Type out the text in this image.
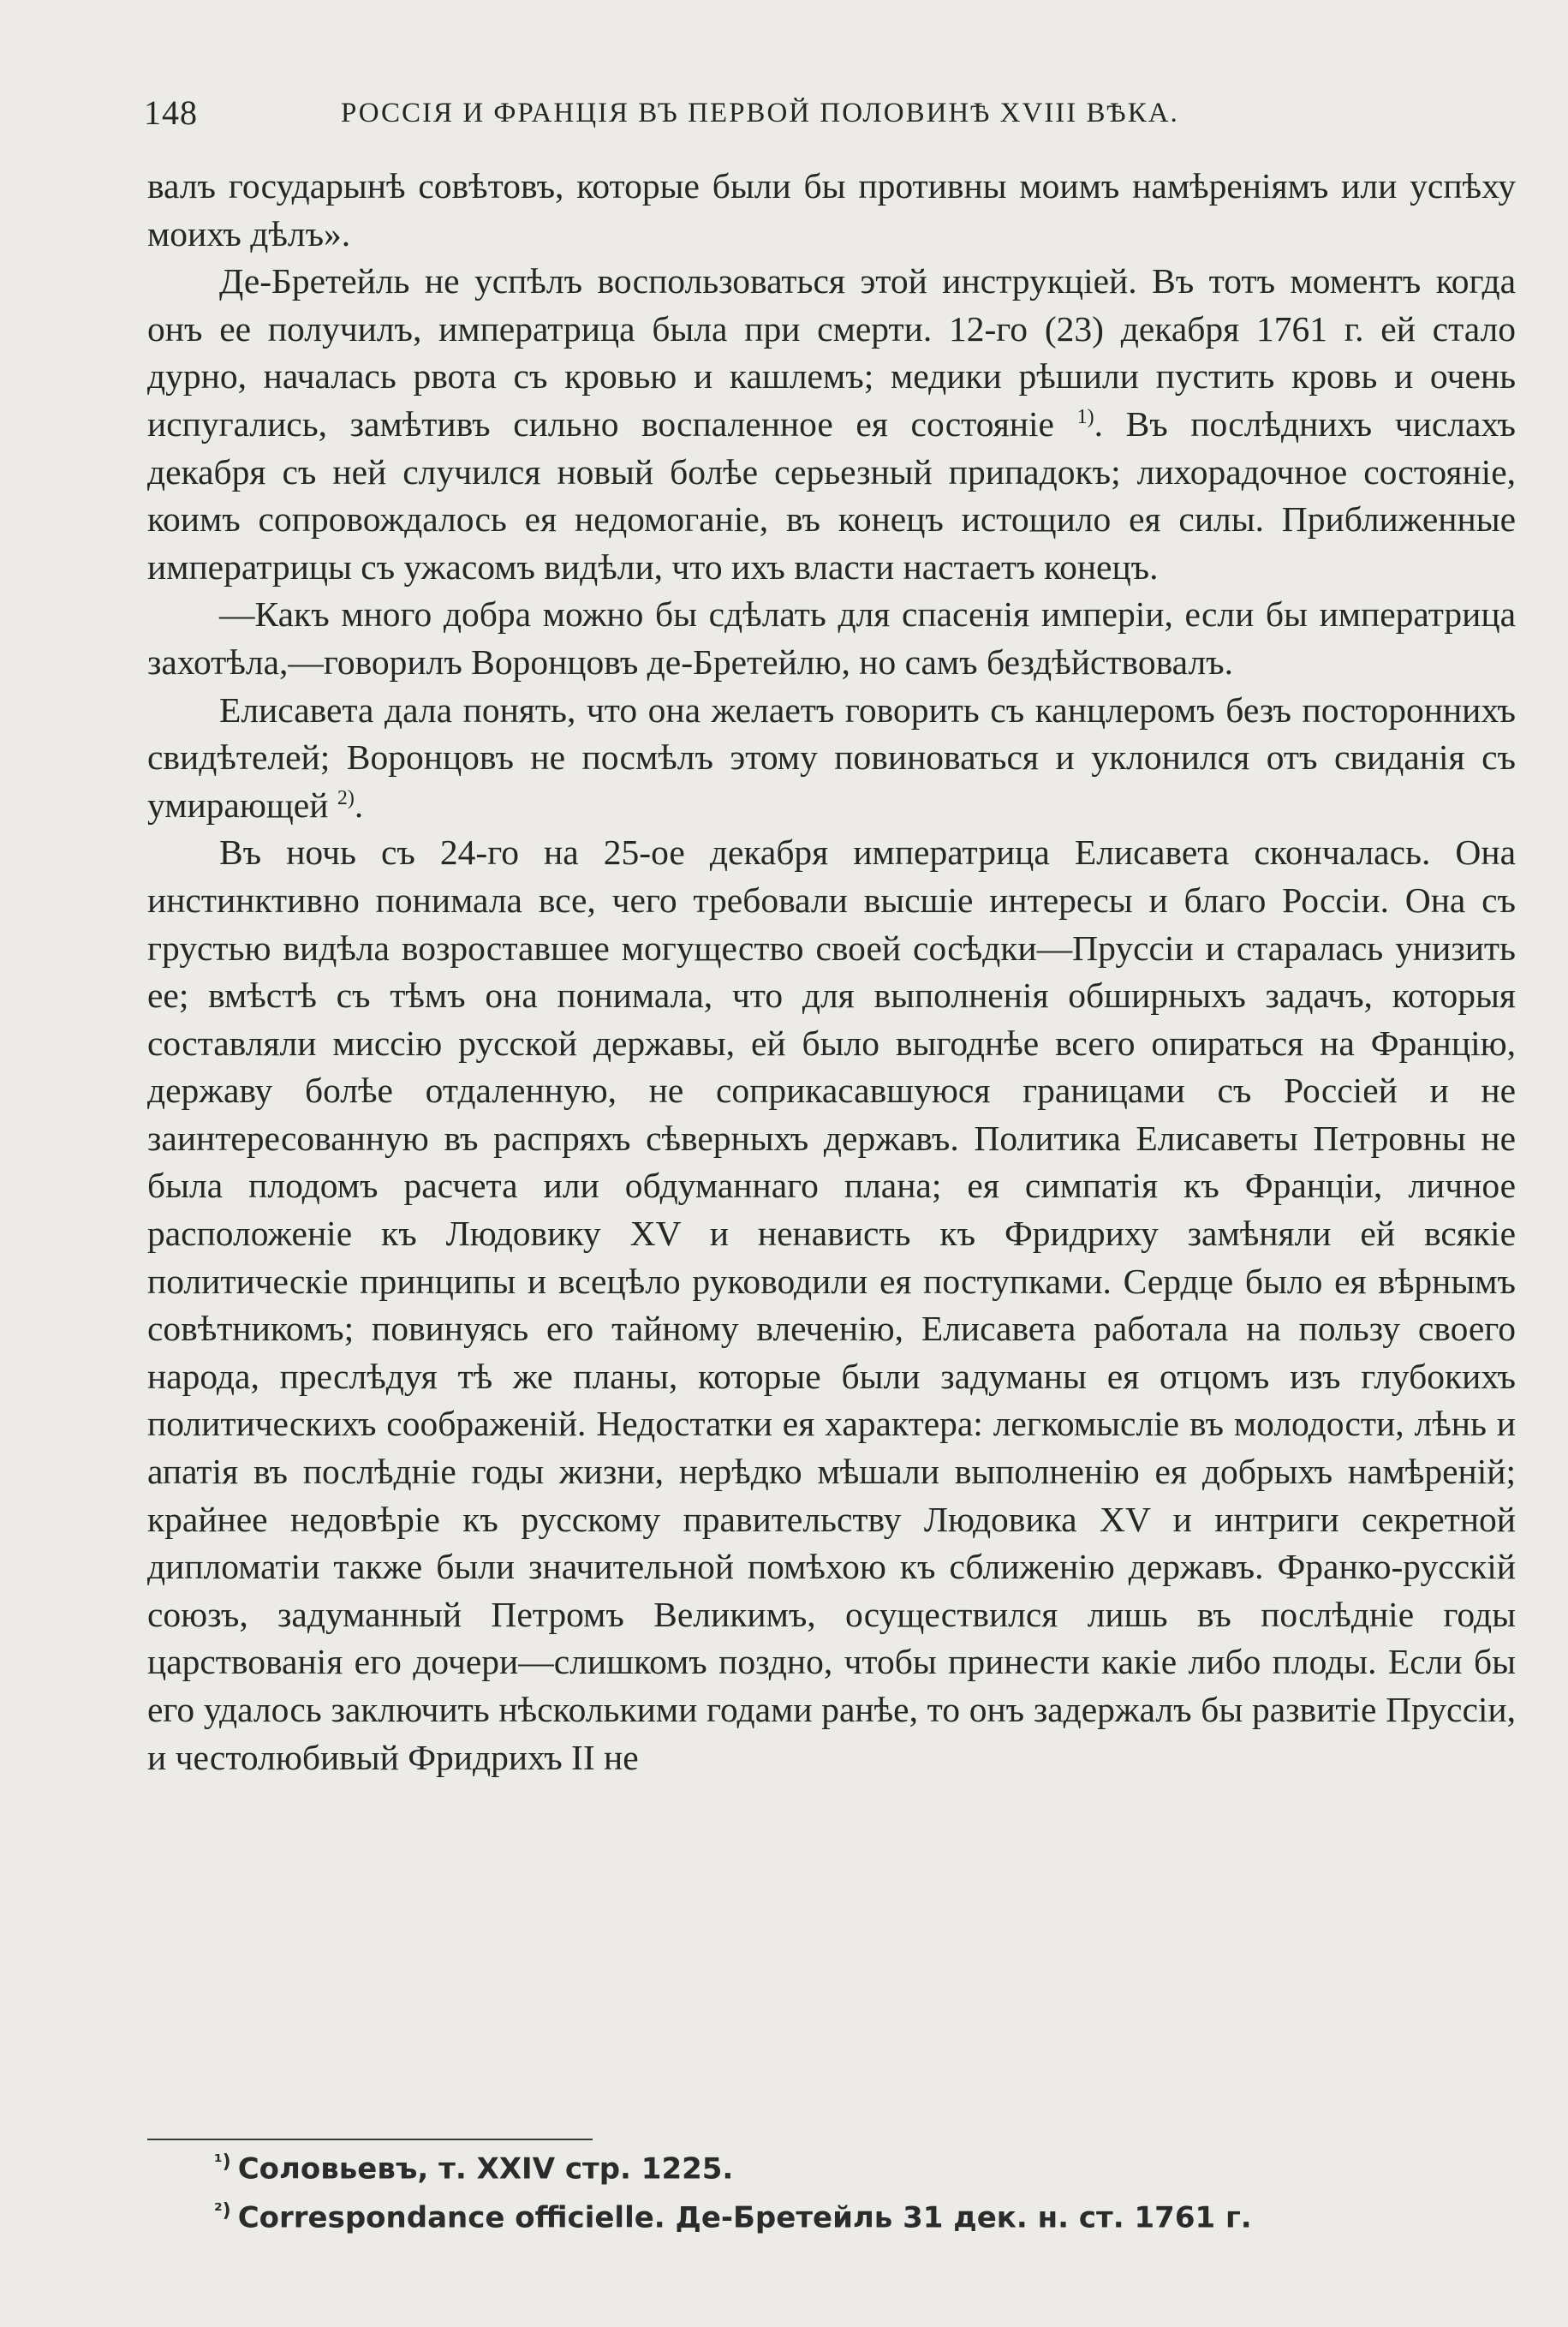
148	РОССІЯ И ФРАНЦІЯ ВЪ ПЕРВОЙ ПОЛОВИНѢ XVIII ВѢКА.

валъ государынѣ совѣтовъ, которые были бы противны моимъ намѣреніямъ или успѣху моихъ дѣлъ».

Де-Бретейль не успѣлъ воспользоваться этой инструкціей. Въ тотъ моментъ когда онъ ее получилъ, императрица была при смерти. 12-го (23) декабря 1761 г. ей стало дурно, началась рвота съ кровью и кашлемъ; медики рѣшили пустить кровь и очень испугались, замѣтивъ сильно воспаленное ея состояніе $^{1)}$. Въ послѣднихъ числахъ декабря съ ней случился новый болѣе серьезный припадокъ; лихорадочное состояніе, коимъ сопровождалось ея недомоганіе, въ конецъ истощило ея силы. Приближенные императрицы съ ужасомъ видѣли, что ихъ власти настаетъ конецъ.

—Какъ много добра можно бы сдѣлать для спасенія имперіи, если бы императрица захотѣла,—говорилъ Воронцовъ де-Бретейлю, но самъ бездѣйствовалъ.

Елисавета дала понять, что она желаетъ говорить съ канцлеромъ безъ постороннихъ свидѣтелей; Воронцовъ не посмѣлъ этому повиноваться и уклонился отъ свиданія съ умирающей $^{2)}$.

Въ ночь съ 24-го на 25-ое декабря императрица Елисавета скончалась. Она инстинктивно понимала все, чего требовали высшіе интересы и благо Россіи. Она съ грустью видѣла возроставшее могущество своей сосѣдки—Пруссіи и старалась унизить ее; вмѣстѣ съ тѣмъ она понимала, что для выполненія обширныхъ задачъ, которыя составляли миссію русской державы, ей было выгоднѣе всего опираться на Францію, державу болѣе отдаленную, не соприкасавшуюся границами съ Россіей и не заинтересованную въ распряхъ сѣверныхъ державъ. Политика Елисаветы Петровны не была плодомъ расчета или обдуманнаго плана; ея симпатія къ Франціи, личное расположеніе къ Людовику XV и ненависть къ Фридриху замѣняли ей всякіе политическіе принципы и всецѣло руководили ея поступками. Сердце было ея вѣрнымъ совѣтникомъ; повинуясь его тайному влеченію, Елисавета работала на пользу своего народа, преслѣдуя тѣ же планы, которые были задуманы ея отцомъ изъ глубокихъ политическихъ соображеній. Недостатки ея характера: легкомысліе въ молодости, лѣнь и апатія въ послѣдніе годы жизни, нерѣдко мѣшали выполненію ея добрыхъ намѣреній; крайнее недовѣріе къ русскому правительству Людовика XV и интриги секретной дипломатіи также были значительной помѣхою къ сближенію державъ. Франко-русскій союзъ, задуманный Петромъ Великимъ, осуществился лишь въ послѣдніе годы царствованія его дочери—слишкомъ поздно, чтобы принести какіе либо плоды. Если бы его удалось заключить нѣсколькими годами ранѣе, то онъ задержалъ бы развитіе Пруссіи, и честолюбивый Фридрихъ II не

$^{^1)}$ Соловьевъ, т. XXIV стр. 1225.

$^{^2)}$ Correspondance officielle. Де-Бретейль 31 дек. н. ст. 1761 г.
